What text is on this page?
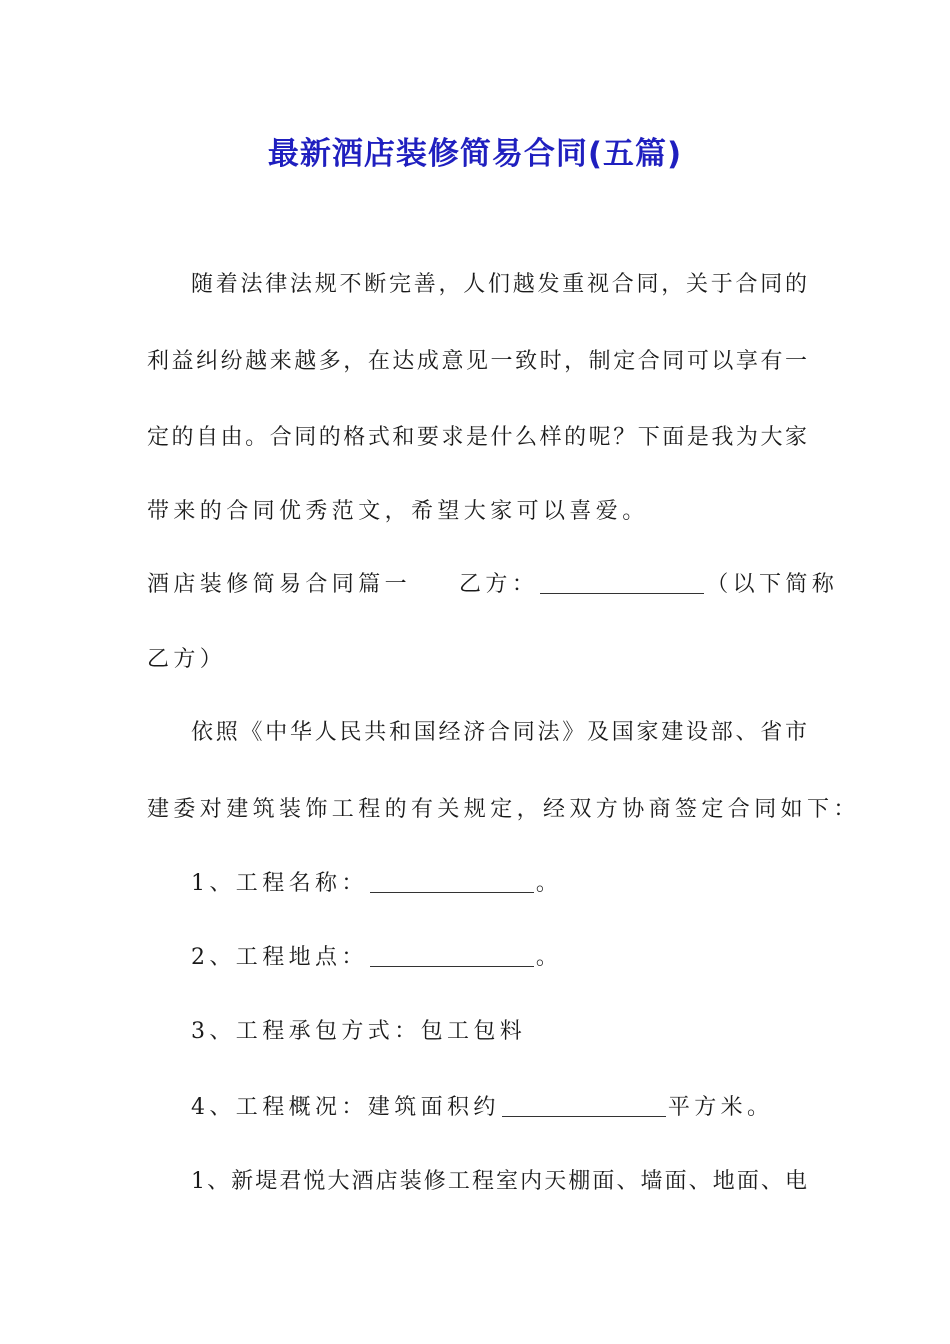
最新酒店装修简易合同(五篇)
随着法律法规不断完善，人们越发重视合同，关于合同的
利益纠纷越来越多，在达成意见一致时，制定合同可以享有一
定的自由。合同的格式和要求是什么样的呢？下面是我为大家
带来的合同优秀范文，希望大家可以喜爱。
酒店装修简易合同篇一 乙方：	（以下简称
乙方）
依照《中华人民共和国经济合同法》及国家建设部、省市
建委对建筑装饰工程的有关规定，经双方协商签定合同如下：
1、工程名称：	。
2、工程地点：	。
3、工程承包方式：包工包料
4、工程概况：建筑面积约	平方米。
1、新堤君悦大酒店装修工程室内天棚面、墙面、地面、电
